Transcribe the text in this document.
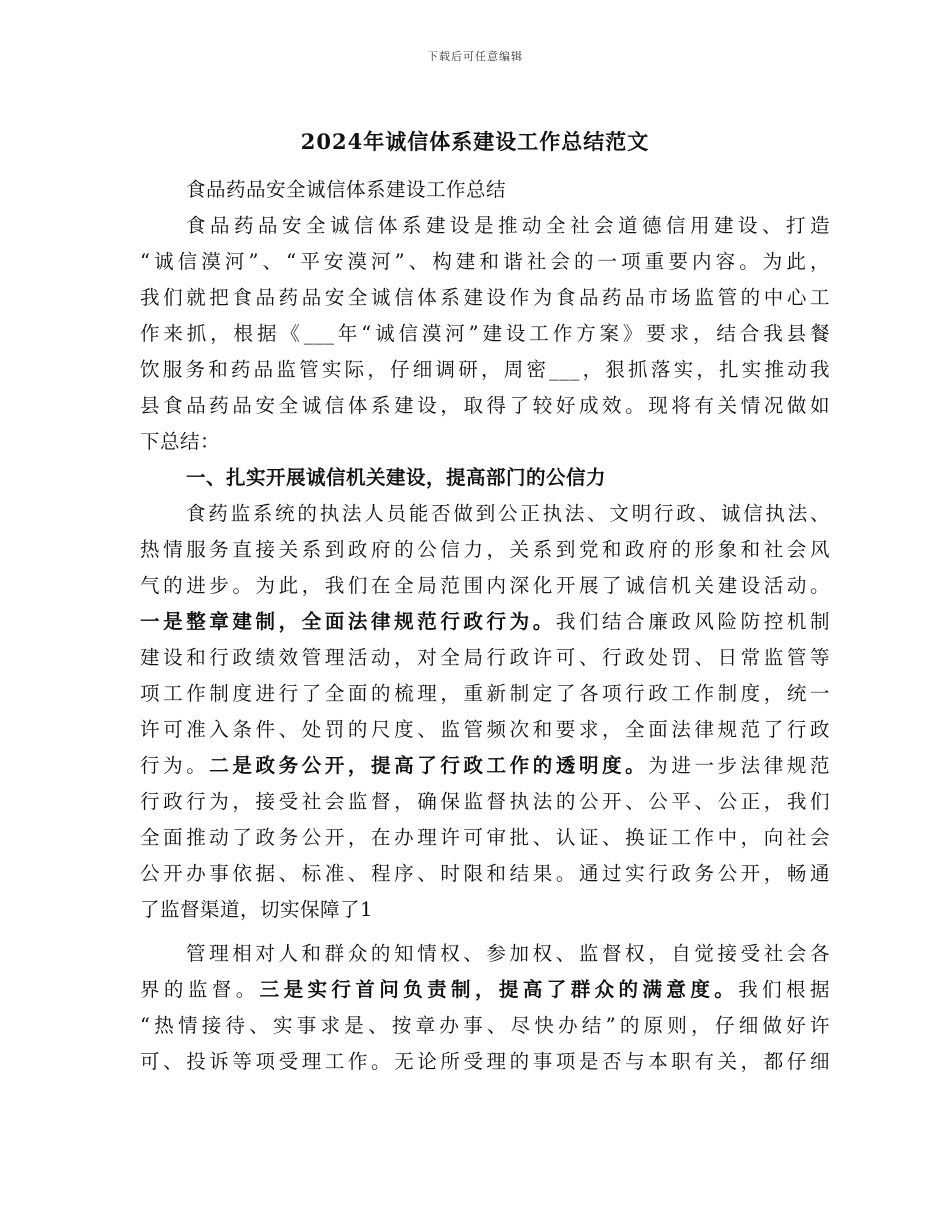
下载后可任意编辑
2024年诚信体系建设工作总结范文
食品药品安全诚信体系建设工作总结
食品药品安全诚信体系建设是推动全社会道德信用建设、打造
“诚信漠河”、“平安漠河”、构建和谐社会的一项重要内容。为此，
我们就把食品药品安全诚信体系建设作为食品药品市场监管的中心工
作来抓，根据《___年“诚信漠河”建设工作方案》要求，结合我县餐
饮服务和药品监管实际，仔细调研，周密___，狠抓落实，扎实推动我
县食品药品安全诚信体系建设，取得了较好成效。现将有关情况做如
下总结：
一、扎实开展诚信机关建设，提高部门的公信力
食药监系统的执法人员能否做到公正执法、文明行政、诚信执法、
热情服务直接关系到政府的公信力，关系到党和政府的形象和社会风
气的进步。为此，我们在全局范围内深化开展了诚信机关建设活动。
一是整章建制，全面法律规范行政行为。我们结合廉政风险防控机制
建设和行政绩效管理活动，对全局行政许可、行政处罚、日常监管等
项工作制度进行了全面的梳理，重新制定了各项行政工作制度，统一
许可准入条件、处罚的尺度、监管频次和要求，全面法律规范了行政
行为。二是政务公开，提高了行政工作的透明度。为进一步法律规范
行政行为，接受社会监督，确保监督执法的公开、公平、公正，我们
全面推动了政务公开，在办理许可审批、认证、换证工作中，向社会
公开办事依据、标准、程序、时限和结果。通过实行政务公开，畅通
了监督渠道，切实保障了1
管理相对人和群众的知情权、参加权、监督权，自觉接受社会各
界的监督。三是实行首问负责制，提高了群众的满意度。我们根据
“热情接待、实事求是、按章办事、尽快办结”的原则，仔细做好许
可、投诉等项受理工作。无论所受理的事项是否与本职有关，都仔细
